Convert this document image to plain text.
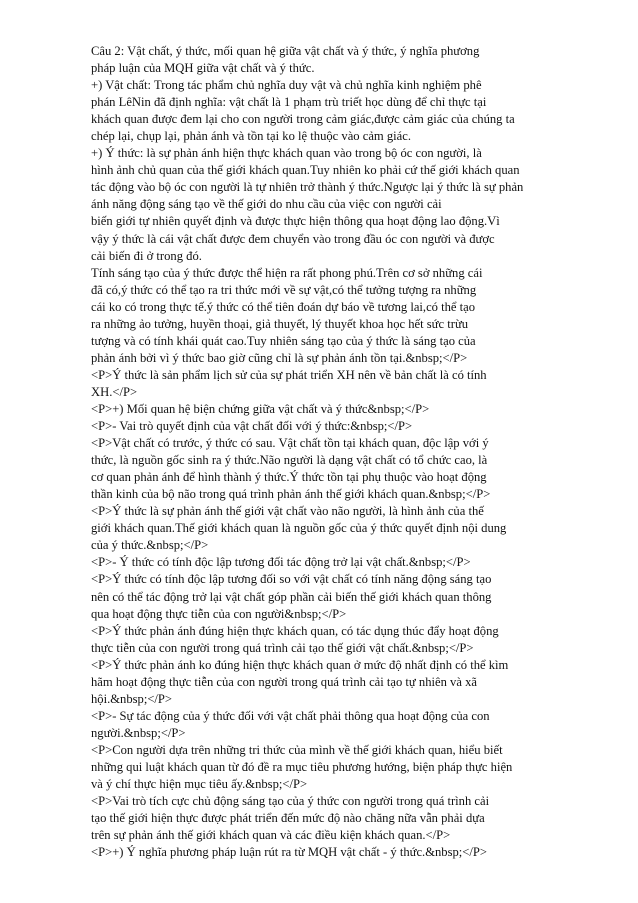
Câu 2: Vật chất, ý thức, mối quan hệ giữa vật chất và ý thức, ý nghĩa phương
pháp luận của MQH giữa vật chất và ý thức.
+) Vật chất: Trong tác phẩm chủ nghĩa duy vật và chủ nghĩa kinh nghiệm phê
phán LêNin đã định nghĩa: vật chất là 1 phạm trù triết học dùng để chỉ thực tại
khách quan được đem lại cho con người trong cảm giác,được cảm giác của chúng ta
chép lại, chụp lại, phản ánh và tồn tại ko lệ thuộc vào cảm giác.
+) Ý thức: là sự phản ánh hiện thực khách quan vào trong bộ óc con người, là
hình ảnh chủ quan của thế giới khách quan.Tuy nhiên ko phải cứ thế giới khách quan
tác động vào bộ óc con người là tự nhiên trở thành ý thức.Ngược lại ý thức là sự phản
ánh năng động sáng tạo về thế giới do nhu cầu của việc con người cải
biến giới tự nhiên quyết định và được thực hiện thông qua hoạt động lao động.Vì
vậy ý thức là cái vật chất được đem chuyển vào trong đầu óc con người và được
cải biến đi ở trong đó.
Tính sáng tạo của ý thức được thể hiện ra rất phong phú.Trên cơ sở những cái
đã có,ý thức có thể tạo ra tri thức mới về sự vật,có thể tưởng tượng ra những
cái ko có trong thực tế.ý thức có thể tiên đoán dự báo về tương lai,có thể tạo
ra những ảo tưởng, huyền thoại, giả thuyết, lý thuyết khoa học hết sức trừu
tượng và có tính khái quát cao.Tuy nhiên sáng tạo của ý thức là sáng tạo của
phản ánh bởi vì ý thức bao giờ cũng chỉ là sự phản ánh tồn tại.&nbsp;</P>
<P>Ý thức là sản phẩm lịch sử của sự phát triển XH nên về bản chất là có tính
XH.</P>
<P>+) Mối quan hệ biện chứng giữa vật chất và ý thức&nbsp;</P>
<P>- Vai trò quyết định của vật chất đối với ý thức:&nbsp;</P>
<P>Vật chất có trước, ý thức có sau. Vật chất tồn tại khách quan, độc lập với ý
thức, là nguồn gốc sinh ra ý thức.Não người là dạng vật chất có tổ chức cao, là
cơ quan phản ánh để hình thành ý thức.Ý thức tồn tại phụ thuộc vào hoạt động
thần kinh của bộ não trong quá trình phản ánh thế giới khách quan.&nbsp;</P>
<P>Ý thức là sự phản ánh thế giới vật chất vào não người, là hình ảnh của thế
giới khách quan.Thế giới khách quan là nguồn gốc của ý thức quyết định nội dung
của ý thức.&nbsp;</P>
<P>- Ý thức có tính độc lập tương đối tác động trở lại vật chất.&nbsp;</P>
<P>Ý thức có tính độc lập tương đối so với vật chất có tính năng động sáng tạo
nên có thể tác động trở lại vật chất góp phần cải biến thế giới khách quan thông
qua hoạt động thực tiễn của con người&nbsp;</P>
<P>Ý thức phản ánh đúng hiện thực khách quan, có tác dụng thúc đẩy hoạt động
thực tiễn của con người trong quá trình cải tạo thế giới vật chất.&nbsp;</P>
<P>Ý thức phản ánh ko đúng hiện thực khách quan ở mức độ nhất định có thể kìm
hãm hoạt động thực tiễn của con người trong quá trình cải tạo tự nhiên và xã
hội.&nbsp;</P>
<P>- Sự tác động của ý thức đối với vật chất phải thông qua hoạt động của con
người.&nbsp;</P>
<P>Con người dựa trên những tri thức của mình về thế giới khách quan, hiểu biết
những qui luật khách quan từ đó đề ra mục tiêu phương hướng, biện pháp thực hiện
và ý chí thực hiện mục tiêu ấy.&nbsp;</P>
<P>Vai trò tích cực chủ động sáng tạo của ý thức con người trong quá trình cải
tạo thế giới hiện thực được phát triển đến mức độ nào chăng nữa vẫn phải dựa
trên sự phản ánh thế giới khách quan và các điều kiện khách quan.</P>
<P>+) Ý nghĩa phương pháp luận rút ra từ MQH vật chất - ý thức.&nbsp;</P>
